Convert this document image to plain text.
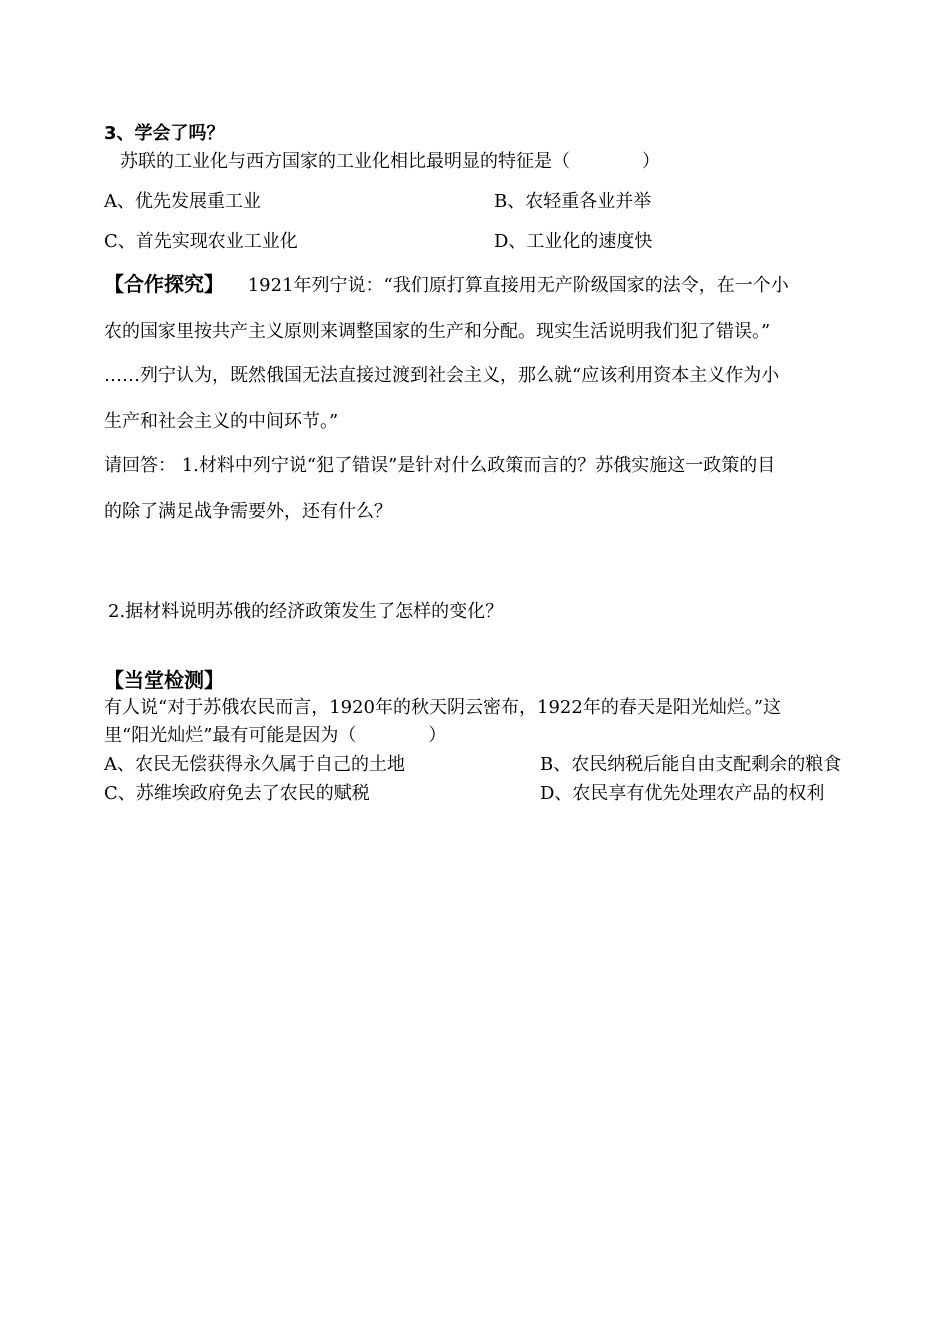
3、学会了吗？
苏联的工业化与西方国家的工业化相比最明显的特征是（　　　　）
A、优先发展重工业	B、农轻重各业并举
C、首先实现农业工业化	D、工业化的速度快
【合作探究】 1921年列宁说：“我们原打算直接用无产阶级国家的法令，在一个小
农的国家里按共产主义原则来调整国家的生产和分配。现实生活说明我们犯了错误。”
……列宁认为，既然俄国无法直接过渡到社会主义，那么就“应该利用资本主义作为小
生产和社会主义的中间环节。”
请回答： 1.材料中列宁说“犯了错误”是针对什么政策而言的？苏俄实施这一政策的目
的除了满足战争需要外，还有什么？
2.据材料说明苏俄的经济政策发生了怎样的变化？
【当堂检测】
有人说“对于苏俄农民而言，1920年的秋天阴云密布，1922年的春天是阳光灿烂。”这
里“阳光灿烂”最有可能是因为（　　　　）
A、农民无偿获得永久属于自己的土地	B、农民纳税后能自由支配剩余的粮食
C、苏维埃政府免去了农民的赋税	D、农民享有优先处理农产品的权利
